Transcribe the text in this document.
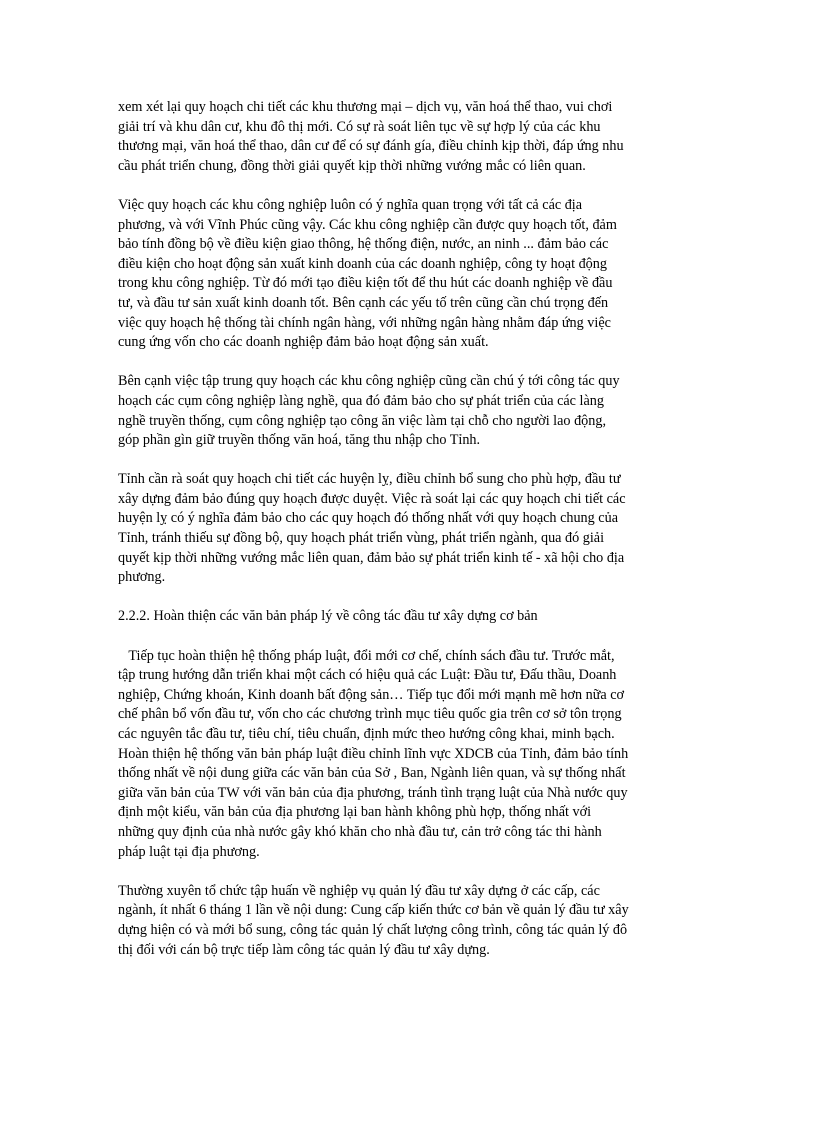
xem xét lại quy hoạch chi tiết các khu thương mại – dịch vụ, văn hoá thể thao, vui chơi
giải trí và khu dân cư, khu đô thị mới. Có sự rà soát liên tục về sự hợp lý của các khu
thương mại, văn hoá thể thao, dân cư để có sự đánh gía, điều chỉnh kịp thời, đáp ứng nhu
cầu phát triển chung, đồng thời giải quyết kịp thời những vướng mắc có liên quan.
Việc quy hoạch các khu công nghiệp luôn có ý nghĩa quan trọng với tất cả các địa
phương, và với Vĩnh Phúc cũng vậy. Các khu công nghiệp cần được quy hoạch tốt, đảm
bảo tính đồng bộ về điều kiện giao thông, hệ thống điện, nước, an ninh ... đảm bảo các
điều kiện cho hoạt động sản xuất kinh doanh của các doanh nghiệp, công ty hoạt động
trong khu công nghiệp. Từ đó mới tạo điều kiện tốt để thu hút các doanh nghiệp về đầu
tư, và đầu tư sản xuất kinh doanh tốt. Bên cạnh các yếu tố trên cũng cần chú trọng đến
việc quy hoạch hệ thống tài chính ngân hàng, với những ngân hàng nhằm đáp ứng việc
cung ứng vốn cho các doanh nghiệp đảm bảo hoạt động sản xuất.
Bên cạnh việc tập trung quy hoạch các khu công nghiệp cũng cần chú ý tới công tác quy
hoạch các cụm công nghiệp làng nghề, qua đó đảm bảo cho sự phát triển của các làng
nghề truyền thống, cụm công nghiệp tạo công ăn việc làm tại chỗ cho người lao động,
góp phần gìn giữ truyền thống văn hoá, tăng thu nhập cho Tỉnh.
Tỉnh cần rà soát quy hoạch chi tiết các huyện lỵ, điều chỉnh bổ sung cho phù hợp, đầu tư
xây dựng đảm bảo đúng quy hoạch được duyệt. Việc rà soát lại các quy hoạch chi tiết các
huyện lỵ có ý nghĩa đảm bảo cho các quy hoạch đó thống nhất với quy hoạch chung của
Tỉnh, tránh thiếu sự đồng bộ, quy hoạch phát triển vùng, phát triển ngành, qua đó giải
quyết kịp thời những vướng mắc liên quan, đảm bảo sự phát triển kinh tế - xã hội cho địa
phương.
2.2.2. Hoàn thiện các văn bản pháp lý về công tác đầu tư xây dựng cơ bản
Tiếp tục hoàn thiện hệ thống pháp luật, đổi mới cơ chế, chính sách đầu tư. Trước mắt,
tập trung hướng dẫn triển khai một cách có hiệu quả các Luật: Đầu tư, Đấu thầu, Doanh
nghiệp, Chứng khoán, Kinh doanh bất động sản… Tiếp tục đổi mới mạnh mẽ hơn nữa cơ
chế phân bổ vốn đầu tư, vốn cho các chương trình mục tiêu quốc gia trên cơ sở tôn trọng
các nguyên tắc đầu tư, tiêu chí, tiêu chuẩn, định mức theo hướng công khai, minh bạch.
Hoàn thiện hệ thống văn bản pháp luật điều chỉnh lĩnh vực XDCB của Tỉnh, đảm bảo tính
thống nhất về nội dung giữa các văn bản của Sở , Ban, Ngành liên quan, và sự thống nhất
giữa văn bản của TW với văn bản của địa phương, tránh tình trạng luật của Nhà nước quy
định một kiểu, văn bản của địa phương lại ban hành không phù hợp, thống nhất với
những quy định của nhà nước gây khó khăn cho nhà đầu tư, cản trở công tác thi hành
pháp luật tại địa phương.
Thường xuyên tổ chức tập huấn về nghiệp vụ quản lý đầu tư xây dựng ở các cấp, các
ngành, ít nhất 6 tháng 1 lần về nội dung: Cung cấp kiến thức cơ bản về quản lý đầu tư xây
dựng hiện có và mới bổ sung, công tác quản lý chất lượng công trình, công tác quản lý đô
thị đối với cán bộ trực tiếp làm công tác quản lý đầu tư xây dựng.
